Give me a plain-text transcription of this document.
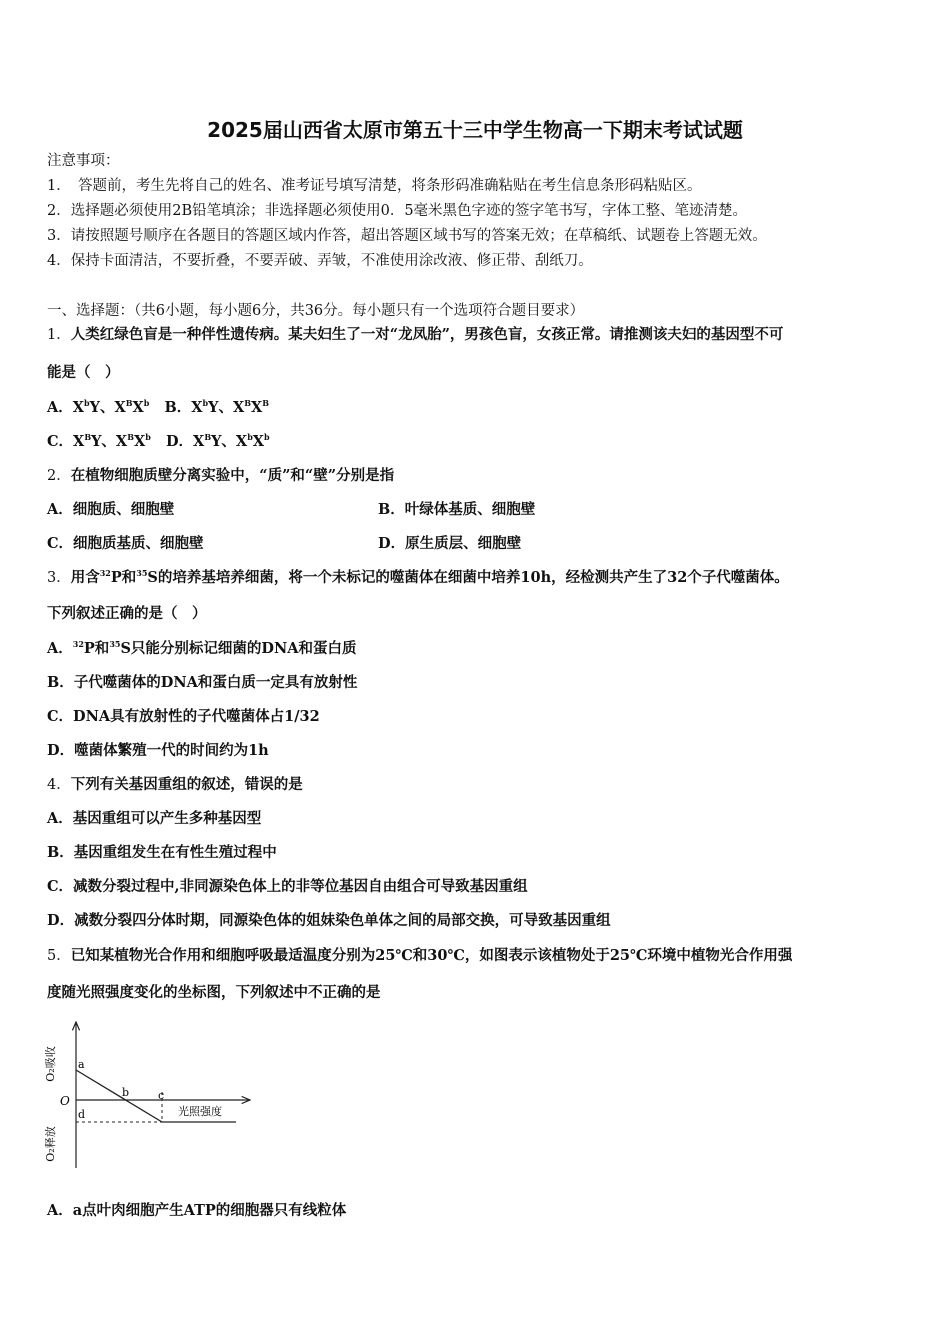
2025届山西省太原市第五十三中学生物高一下期末考试试题
注意事项：
1．　答题前，考生先将自己的姓名、准考证号填写清楚，将条形码准确粘贴在考生信息条形码粘贴区。
2．选择题必须使用2B铅笔填涂；非选择题必须使用0．5毫米黑色字迹的签字笔书写，字体工整、笔迹清楚。
3．请按照题号顺序在各题目的答题区域内作答，超出答题区域书写的答案无效；在草稿纸、试题卷上答题无效。
4．保持卡面清洁，不要折叠，不要弄破、弄皱，不准使用涂改液、修正带、刮纸刀。
一、选择题：（共6小题，每小题6分，共36分。每小题只有一个选项符合题目要求）
1．人类红绿色盲是一种伴性遗传病。某夫妇生了一对“龙凤胎”，男孩色盲，女孩正常。请推测该夫妇的基因型不可
能是（　）
A．$X^bY$、$X^BX^b$ B．$X^bY$、$X^BX^B$
C．$X^BY$、$X^BX^b$ D．$X^BY$、$X^bX^b$
2．在植物细胞质壁分离实验中，“质”和“壁”分别是指
A．细胞质、细胞壁	B．叶绿体基质、细胞壁
C．细胞质基质、细胞壁	D．原生质层、细胞壁
3．用含$^{32}$P和$^{35}$S的培养基培养细菌，将一个未标记的噬菌体在细菌中培养10h，经检测共产生了32个子代噬菌体。
下列叙述正确的是（　）
A．$^{32}$P和$^{35}$S只能分别标记细菌的DNA和蛋白质
B．子代噬菌体的DNA和蛋白质一定具有放射性
C．DNA具有放射性的子代噬菌体占1/32
D．噬菌体繁殖一代的时间约为1h
4．下列有关基因重组的叙述，错误的是
A．基因重组可以产生多种基因型
B．基因重组发生在有性生殖过程中
C．减数分裂过程中,非同源染色体上的非等位基因自由组合可导致基因重组
D．减数分裂四分体时期，同源染色体的姐妹染色单体之间的局部交换，可导致基因重组
5．已知某植物光合作用和细胞呼吸最适温度分别为25℃和30℃，如图表示该植物处于25℃环境中植物光合作用强
度随光照强度变化的坐标图，下列叙述中不正确的是
O₂吸收
O₂释放
O
a
b	c
d	光照强度
A．a点叶肉细胞产生ATP的细胞器只有线粒体
